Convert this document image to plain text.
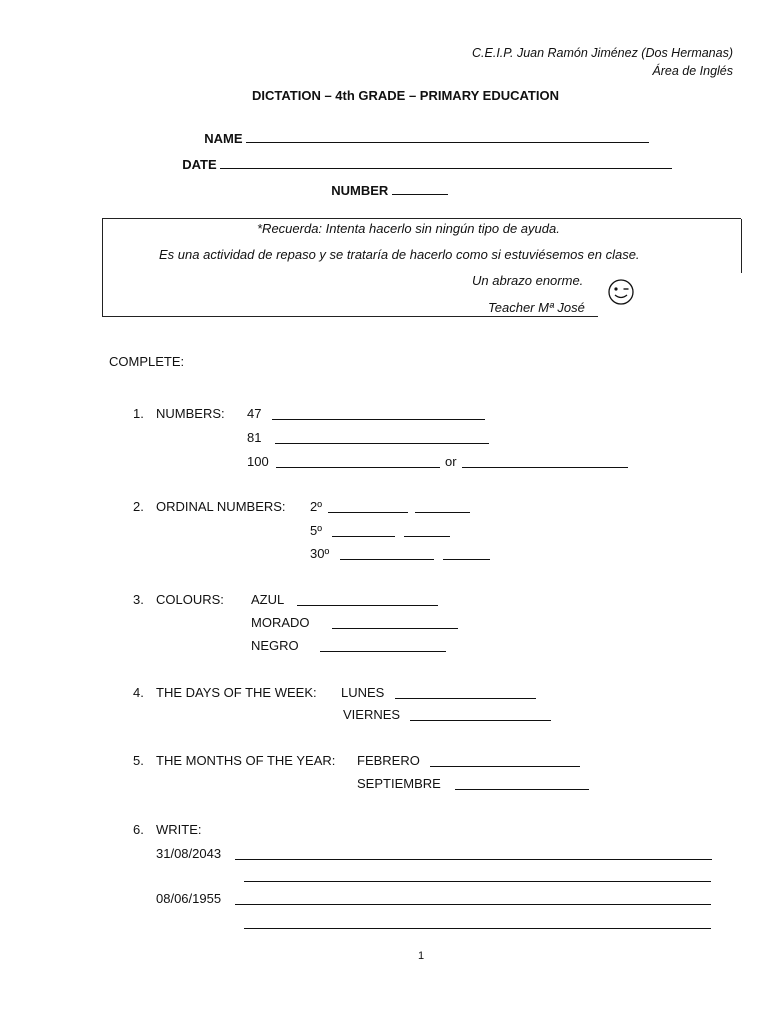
C.E.I.P. Juan Ramón Jiménez (Dos Hermanas)
Área de Inglés
DICTATION – 4th GRADE – PRIMARY EDUCATION

NAME

DATE

NUMBER

*Recuerda: Intenta hacerlo sin ningún tipo de ayuda.
Es una actividad de repaso y se trataría de hacerlo como si estuviésemos en clase.
Un abrazo enorme.
Teacher Mª José
COMPLETE:
1. NUMBERS: 47
81
100	or
2. ORDINAL NUMBERS: 2º
5º
30º
3. COLOURS: AZUL
MORADO
NEGRO
4. THE DAYS OF THE WEEK: LUNES
VIERNES
5. THE MONTHS OF THE YEAR: FEBRERO
SEPTIEMBRE
6. WRITE:
31/08/2043
08/06/1955
1
